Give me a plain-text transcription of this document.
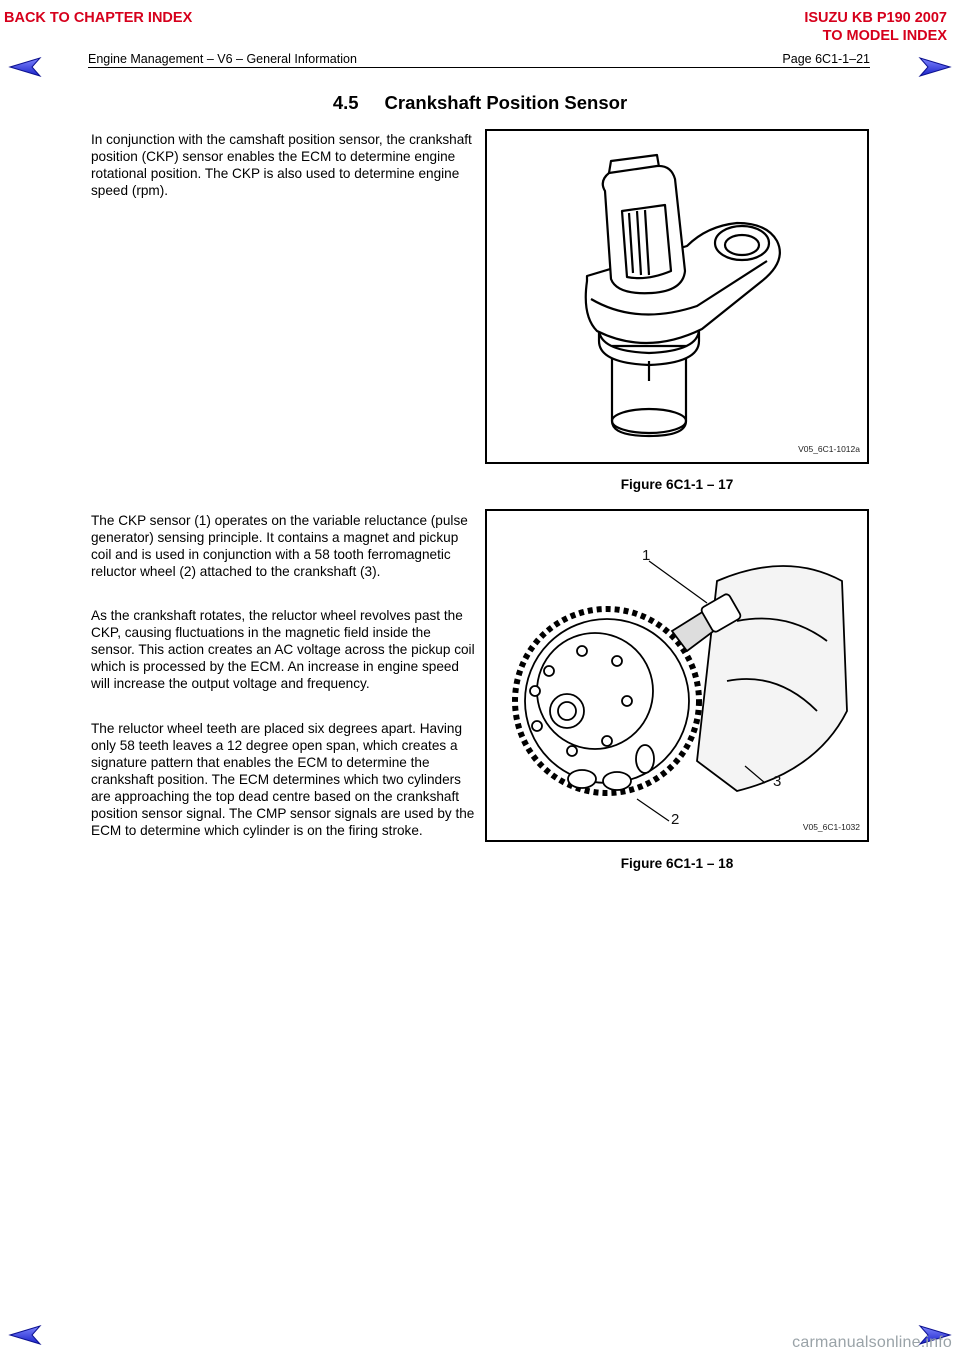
BACK TO CHAPTER INDEX	ISUZU KB P190 2007
TO MODEL INDEX
Engine Management – V6 – General Information	Page 6C1-1–21
4.5 Crankshaft Position Sensor

In conjunction with the camshaft position sensor, the crankshaft position (CKP) sensor enables the ECM to determine engine rotational position. The CKP is also used to determine engine speed (rpm).

The CKP sensor (1) operates on the variable reluctance (pulse generator) sensing principle. It contains a magnet and pickup coil and is used in conjunction with a 58 tooth ferromagnetic reluctor wheel (2) attached to the crankshaft (3).

As the crankshaft rotates, the reluctor wheel revolves past the CKP, causing fluctuations in the magnetic field inside the sensor. This action creates an AC voltage across the pickup coil which is processed by the ECM. An increase in engine speed will increase the output voltage and frequency.

The reluctor wheel teeth are placed six degrees apart. Having only 58 teeth leaves a 12 degree open span, which creates a signature pattern that enables the ECM to determine the crankshaft position. The ECM determines which two cylinders are approaching the top dead centre based on the crankshaft position sensor signal. The CMP sensor signals are used by the ECM to determine which cylinder is on the firing stroke.

V05_6C1-1012a
Figure 6C1-1 – 17
1
2
3
V05_6C1-1032
Figure 6C1-1 – 18
carmanualsonline.info
